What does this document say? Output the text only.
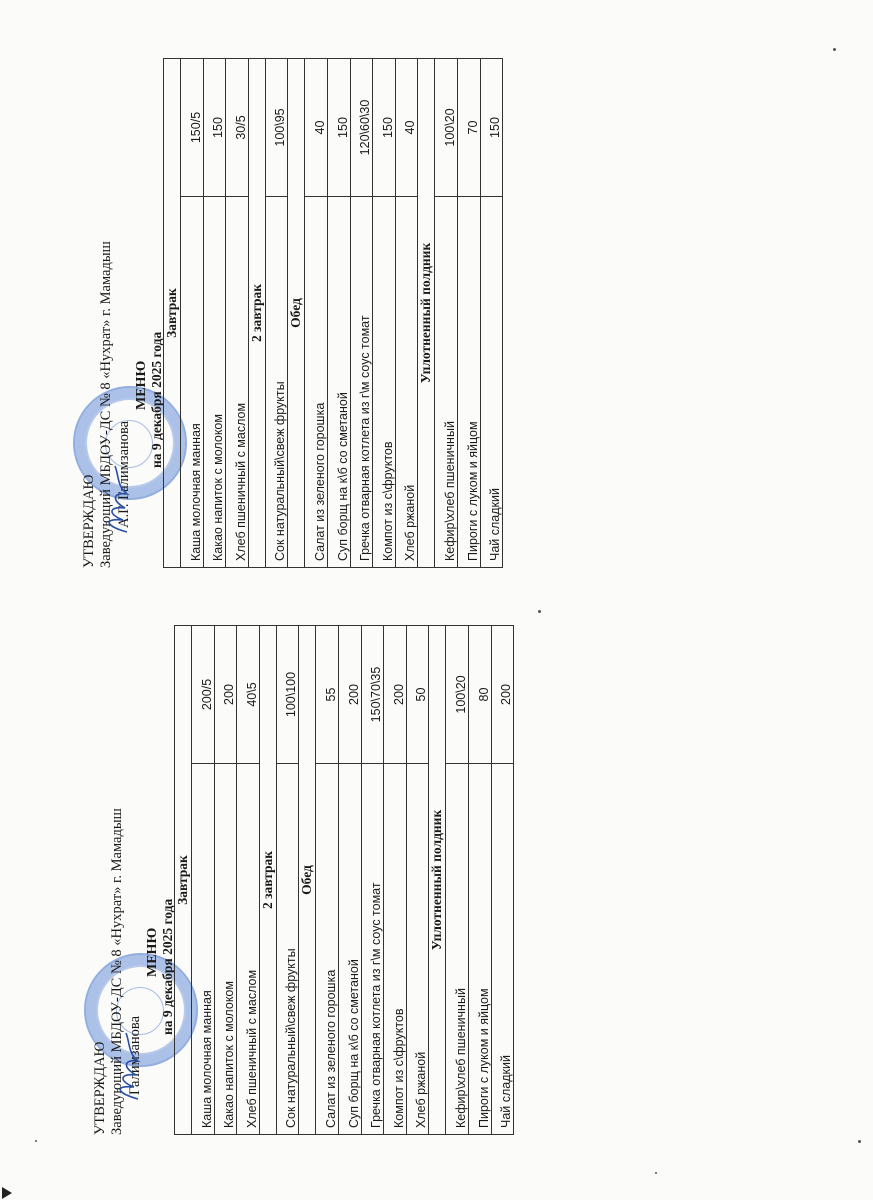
УТВЕРЖДАЮ Заведующий МБДОУ-ДС № 8 «Нухрат» г. Мамадыш Галимзанова
МЕНЮ на 9 декабря 2025 года
Завтрак	
Каша молочная манная	200/5
Какао напиток с молоком	200
Хлеб пшеничный с маслом	40\5
2 завтрак	
Сок натуральный\свеж фрукты	100\100
Обед	
Салат из зеленого горошка	55
Суп борщ на к\б со сметаной	200
Гречка отварная котлета из г\м соус томат	150\70\35
Компот из с\фруктов	200
Хлеб ржаной	50
Уплотненный полдник	
Кефир\хлеб пшеничный	100\20
Пироги с луком и яйцом	80
Чай сладкий	200
УТВЕРЖДАЮ Заведующий МБДОУ-ДС № 8 «Нухрат» г. Мамадыш А.Г. Галимзанова
МЕНЮ на 9 декабря 2025 года
Завтрак	
Каша молочная манная	150/5
Какао напиток с молоком	150
Хлеб пшеничный с маслом	30/5
2 завтрак	
Сок натуральный\свеж фрукты	100\95
Обед	
Салат из зеленого горошка	40
Суп борщ на к\б со сметаной	150
Гречка отварная котлета из г\м соус томат	120\60\30
Компот из с\фруктов	150
Хлеб ржаной	40
Уплотненный полдник	
Кефир\хлеб пшеничный	100\20
Пироги с луком и яйцом	70
Чай сладкий	150
